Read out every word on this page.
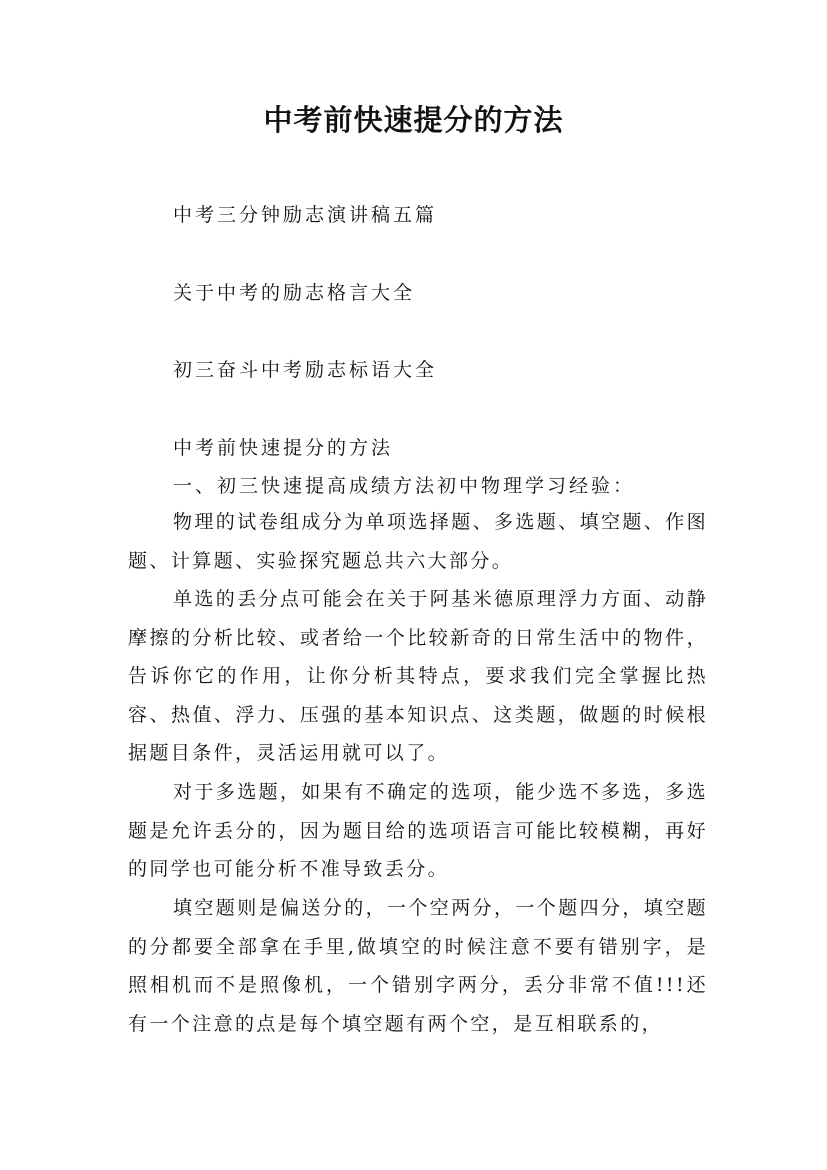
中考前快速提分的方法
中考三分钟励志演讲稿五篇
关于中考的励志格言大全
初三奋斗中考励志标语大全
中考前快速提分的方法
一、初三快速提高成绩方法初中物理学习经验：

物理的试卷组成分为单项选择题、多选题、填空题、作图题、计算题、实验探究题总共六大部分。

单选的丢分点可能会在关于阿基米德原理浮力方面、动静摩擦的分析比较、或者给一个比较新奇的日常生活中的物件，告诉你它的作用，让你分析其特点，要求我们完全掌握比热容、热值、浮力、压强的基本知识点、这类题，做题的时候根据题目条件，灵活运用就可以了。

对于多选题，如果有不确定的选项，能少选不多选，多选题是允许丢分的，因为题目给的选项语言可能比较模糊，再好的同学也可能分析不准导致丢分。

填空题则是偏送分的，一个空两分，一个题四分，填空题的分都要全部拿在手里,做填空的时候注意不要有错别字，是照相机而不是照像机，一个错别字两分，丢分非常不值!!!还有一个注意的点是每个填空题有两个空，是互相联系的，
